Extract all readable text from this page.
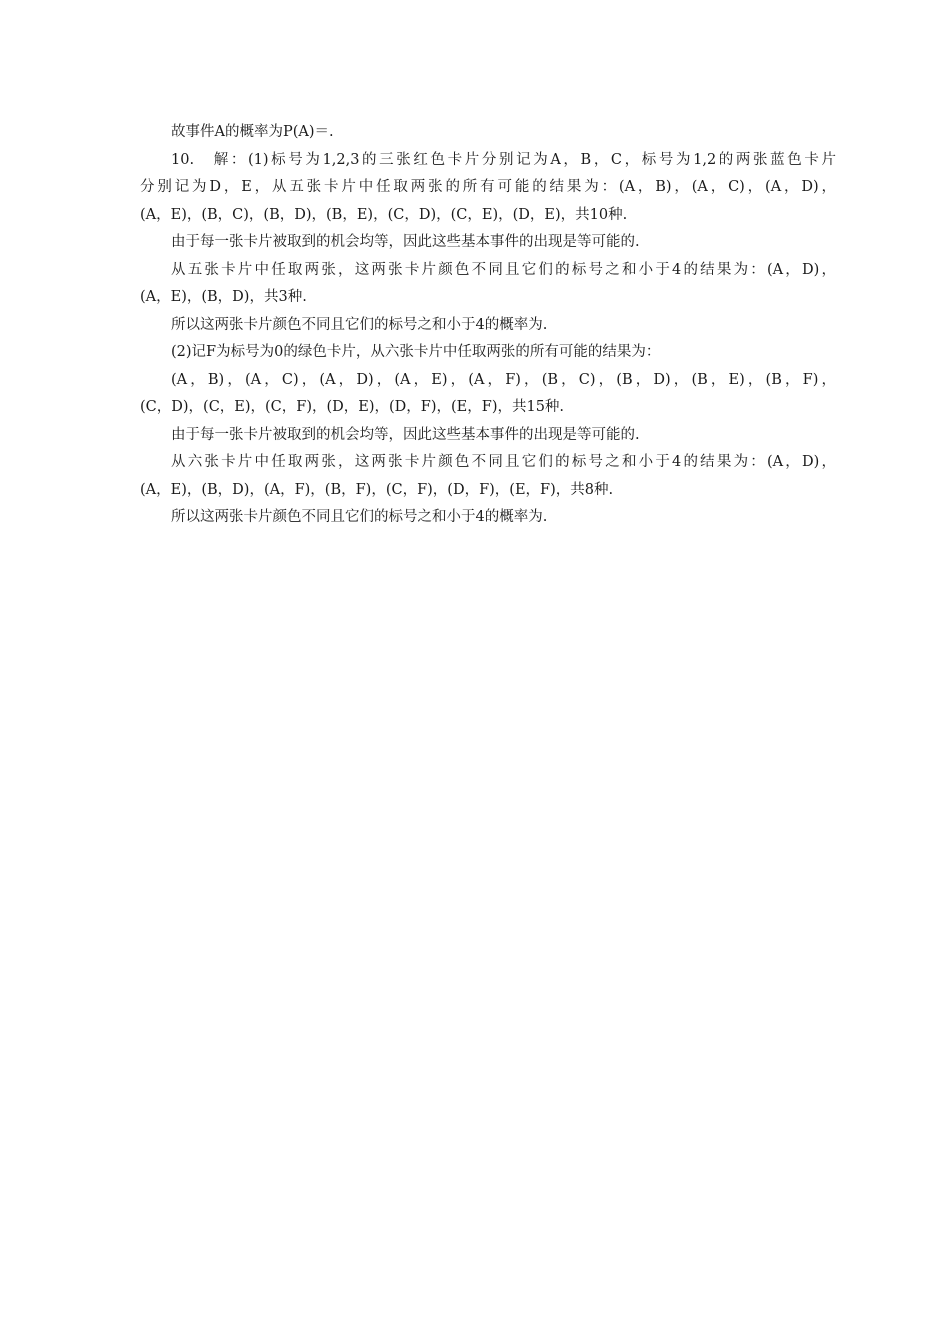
故事件A的概率为P(A)＝.
10.　解：(1)标号为1,2,3的三张红色卡片分别记为A，B，C，标号为1,2的两张蓝色卡片
分别记为D，E，从五张卡片中任取两张的所有可能的结果为：(A，B)，(A，C)，(A，D)，
(A，E)，(B，C)，(B，D)，(B，E)，(C，D)，(C，E)，(D，E)，共10种.
由于每一张卡片被取到的机会均等，因此这些基本事件的出现是等可能的.
从五张卡片中任取两张，这两张卡片颜色不同且它们的标号之和小于4的结果为：(A，D)，
(A，E)，(B，D)，共3种.
所以这两张卡片颜色不同且它们的标号之和小于4的概率为.
(2)记F为标号为0的绿色卡片，从六张卡片中任取两张的所有可能的结果为：
(A，B)，(A，C)，(A，D)，(A，E)，(A，F)，(B，C)，(B，D)，(B，E)，(B，F)，
(C，D)，(C，E)，(C，F)，(D，E)，(D，F)，(E，F)，共15种.
由于每一张卡片被取到的机会均等，因此这些基本事件的出现是等可能的.
从六张卡片中任取两张，这两张卡片颜色不同且它们的标号之和小于4的结果为：(A，D)，
(A，E)，(B，D)，(A，F)，(B，F)，(C，F)，(D，F)，(E，F)，共8种.
所以这两张卡片颜色不同且它们的标号之和小于4的概率为.
